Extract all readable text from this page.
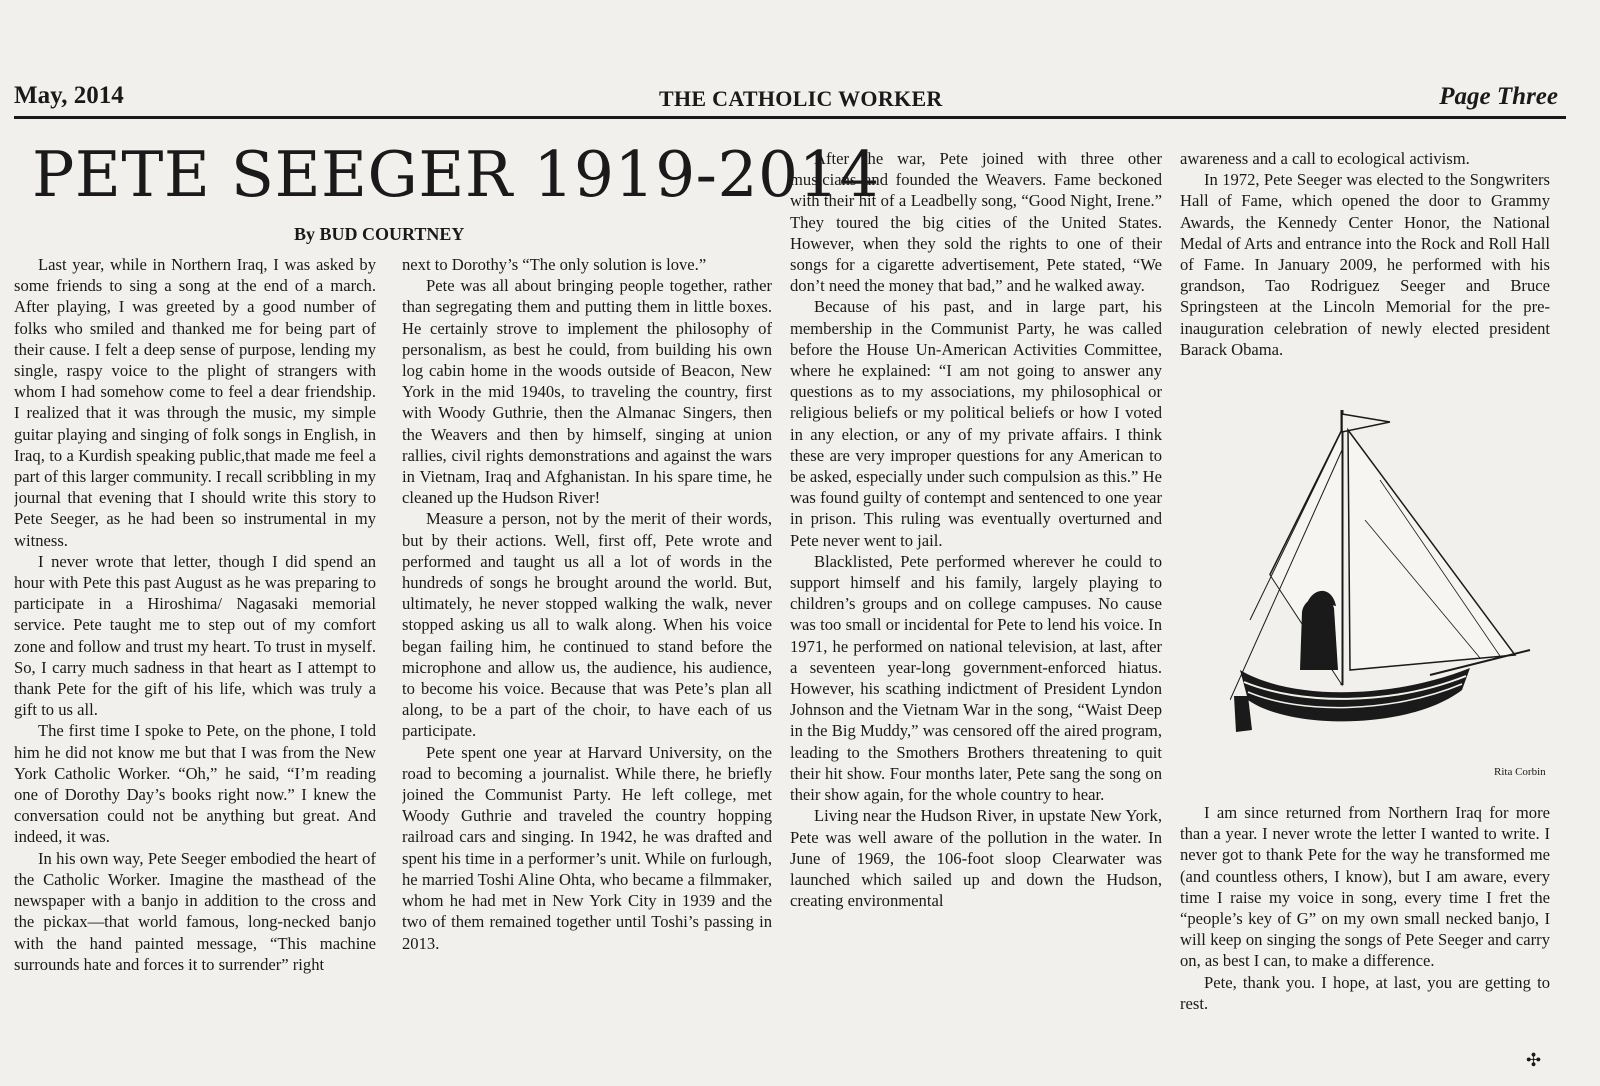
May, 2014	THE CATHOLIC WORKER	Page Three
PETE SEEGER 1919-2014
By BUD COURTNEY

Last year, while in Northern Iraq, I was asked by some friends to sing a song at the end of a march. After playing, I was greeted by a good number of folks who smiled and thanked me for being part of their cause. I felt a deep sense of purpose, lending my single, raspy voice to the plight of strangers with whom I had somehow come to feel a dear friendship. I realized that it was through the music, my simple guitar playing and singing of folk songs in English, in Iraq, to a Kurdish speaking public,that made me feel a part of this larger community. I recall scribbling in my journal that evening that I should write this story to Pete Seeger, as he had been so instrumental in my witness.

I never wrote that letter, though I did spend an hour with Pete this past August as he was preparing to participate in a Hiroshima/ Nagasaki memorial service. Pete taught me to step out of my comfort zone and follow and trust my heart. To trust in myself. So, I carry much sadness in that heart as I attempt to thank Pete for the gift of his life, which was truly a gift to us all.

The first time I spoke to Pete, on the phone, I told him he did not know me but that I was from the New York Catholic Worker. “Oh,” he said, “I’m reading one of Dorothy Day’s books right now.” I knew the conversation could not be anything but great. And indeed, it was.

In his own way, Pete Seeger embodied the heart of the Catholic Worker. Imagine the masthead of the newspaper with a banjo in addition to the cross and the pickax—that world famous, long-necked banjo with the hand painted message, “This machine surrounds hate and forces it to surrender” right

next to Dorothy’s “The only solution is love.”

Pete was all about bringing people together, rather than segregating them and putting them in little boxes. He certainly strove to implement the philosophy of personalism, as best he could, from building his own log cabin home in the woods outside of Beacon, New York in the mid 1940s, to traveling the country, first with Woody Guthrie, then the Almanac Singers, then the Weavers and then by himself, singing at union rallies, civil rights demonstrations and against the wars in Vietnam, Iraq and Afghanistan. In his spare time, he cleaned up the Hudson River!

Measure a person, not by the merit of their words, but by their actions. Well, first off, Pete wrote and performed and taught us all a lot of words in the hundreds of songs he brought around the world. But, ultimately, he never stopped walking the walk, never stopped asking us all to walk along. When his voice began failing him, he continued to stand before the microphone and allow us, the audience, his audience, to become his voice. Because that was Pete’s plan all along, to be a part of the choir, to have each of us participate.

Pete spent one year at Harvard University, on the road to becoming a journalist. While there, he briefly joined the Communist Party. He left college, met Woody Guthrie and traveled the country hopping railroad cars and singing. In 1942, he was drafted and spent his time in a performer’s unit. While on furlough, he married Toshi Aline Ohta, who became a filmmaker, whom he had met in New York City in 1939 and the two of them remained together until Toshi’s passing in 2013.

After the war, Pete joined with three other musicians and founded the Weavers. Fame beckoned with their hit of a Leadbelly song, “Good Night, Irene.” They toured the big cities of the United States. However, when they sold the rights to one of their songs for a cigarette advertisement, Pete stated, “We don’t need the money that bad,” and he walked away.

Because of his past, and in large part, his membership in the Communist Party, he was called before the House Un-American Activities Committee, where he explained: “I am not going to answer any questions as to my associations, my philosophical or religious beliefs or my political beliefs or how I voted in any election, or any of my private affairs. I think these are very improper questions for any American to be asked, especially under such compulsion as this.” He was found guilty of contempt and sentenced to one year in prison. This ruling was eventually overturned and Pete never went to jail.

Blacklisted, Pete performed wherever he could to support himself and his family, largely playing to children’s groups and on college campuses. No cause was too small or incidental for Pete to lend his voice. In 1971, he performed on national television, at last, after a seventeen year-long government-enforced hiatus. However, his scathing indictment of President Lyndon Johnson and the Vietnam War in the song, “Waist Deep in the Big Muddy,” was censored off the aired program, leading to the Smothers Brothers threatening to quit their hit show. Four months later, Pete sang the song on their show again, for the whole country to hear.

Living near the Hudson River, in upstate New York, Pete was well aware of the pollution in the water. In June of 1969, the 106-foot sloop Clearwater was launched which sailed up and down the Hudson, creating environmental

awareness and a call to ecological activism.

In 1972, Pete Seeger was elected to the Songwriters Hall of Fame, which opened the door to Grammy Awards, the Kennedy Center Honor, the National Medal of Arts and entrance into the Rock and Roll Hall of Fame. In January 2009, he performed with his grandson, Tao Rodriguez Seeger and Bruce Springsteen at the Lincoln Memorial for the pre-inauguration celebration of newly elected president Barack Obama.

Rita Corbin

I am since returned from Northern Iraq for more than a year. I never wrote the letter I wanted to write. I never got to thank Pete for the way he transformed me (and countless others, I know), but I am aware, every time I raise my voice in song, every time I fret the “people’s key of G” on my own small necked banjo, I will keep on singing the songs of Pete Seeger and carry on, as best I can, to make a difference.

Pete, thank you. I hope, at last, you are getting to rest.

✣
